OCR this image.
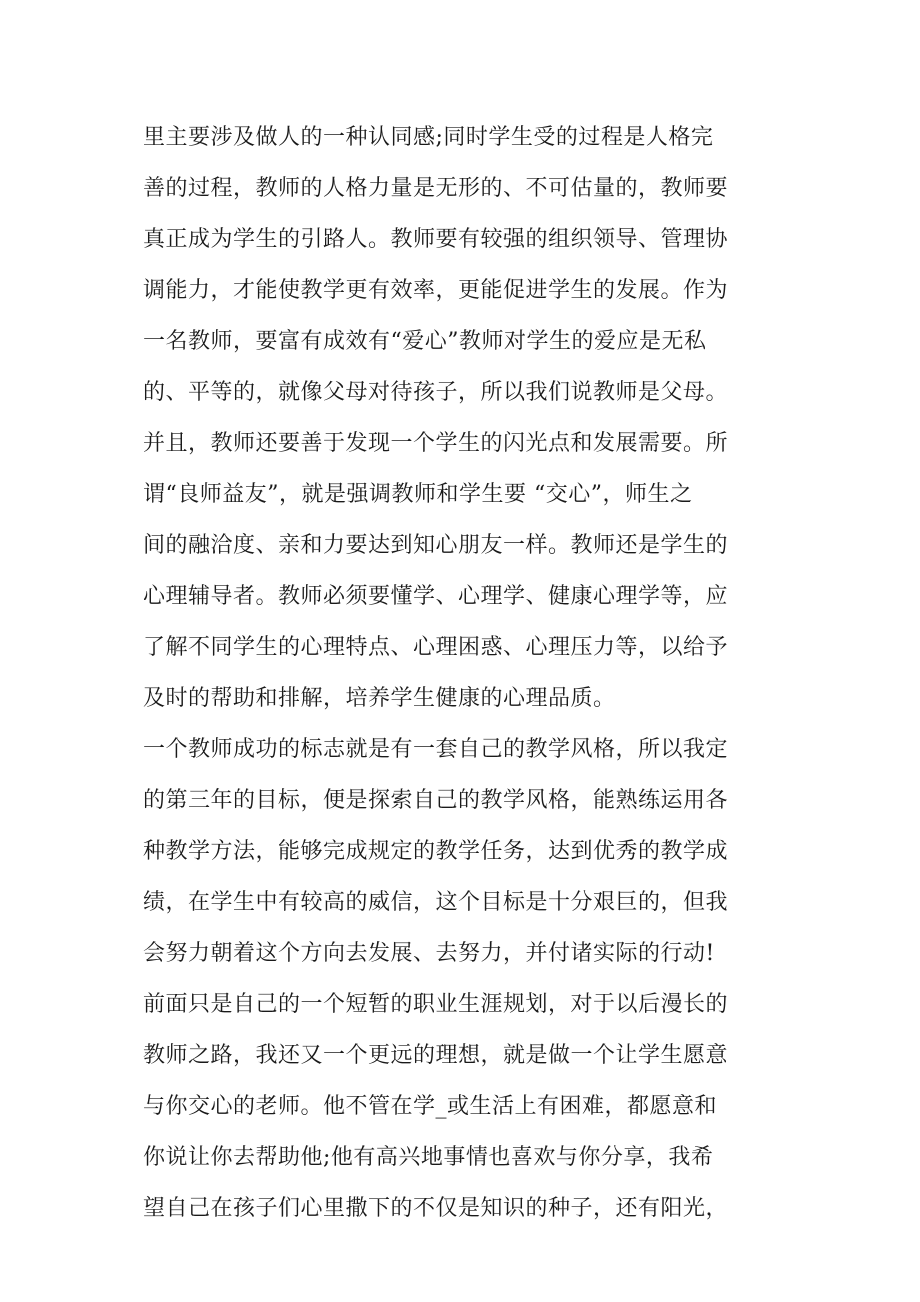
里主要涉及做人的一种认同感;同时学生受的过程是人格完
善的过程，教师的人格力量是无形的、不可估量的，教师要
真正成为学生的引路人。教师要有较强的组织领导、管理协
调能力，才能使教学更有效率，更能促进学生的发展。作为
一名教师，要富有成效有“爱心”教师对学生的爱应是无私
的、平等的，就像父母对待孩子，所以我们说教师是父母。
并且，教师还要善于发现一个学生的闪光点和发展需要。所
谓“良师益友”，就是强调教师和学生要 “交心”，师生之
间的融洽度、亲和力要达到知心朋友一样。教师还是学生的
心理辅导者。教师必须要懂学、心理学、健康心理学等，应
了解不同学生的心理特点、心理困惑、心理压力等，以给予
及时的帮助和排解，培养学生健康的心理品质。
一个教师成功的标志就是有一套自己的教学风格，所以我定
的第三年的目标，便是探索自己的教学风格，能熟练运用各
种教学方法，能够完成规定的教学任务，达到优秀的教学成
绩，在学生中有较高的威信，这个目标是十分艰巨的，但我
会努力朝着这个方向去发展、去努力，并付诸实际的行动!
前面只是自己的一个短暂的职业生涯规划，对于以后漫长的
教师之路，我还又一个更远的理想，就是做一个让学生愿意
与你交心的老师。他不管在学_或生活上有困难，都愿意和
你说让你去帮助他;他有高兴地事情也喜欢与你分享，我希
望自己在孩子们心里撒下的不仅是知识的种子，还有阳光，
